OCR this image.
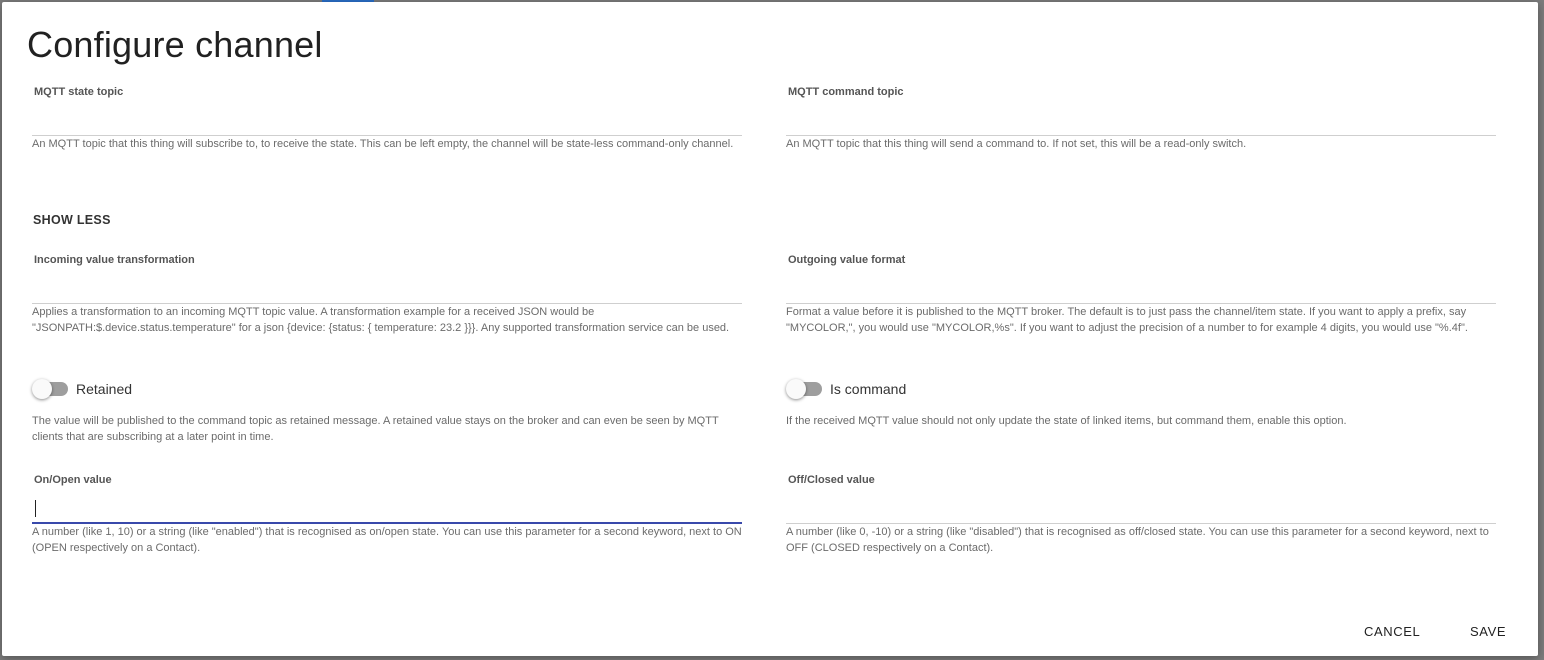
Configure channel
MQTT state topic
An MQTT topic that this thing will subscribe to, to receive the state. This can be left empty, the channel will be state-less command-only channel.
MQTT command topic
An MQTT topic that this thing will send a command to. If not set, this will be a read-only switch.
SHOW LESS
Incoming value transformation
Applies a transformation to an incoming MQTT topic value. A transformation example for a received JSON would be "JSONPATH:$.device.status.temperature" for a json {device: {status: { temperature: 23.2 }}}. Any supported transformation service can be used.
Outgoing value format
Format a value before it is published to the MQTT broker. The default is to just pass the channel/item state. If you want to apply a prefix, say "MYCOLOR,", you would use "MYCOLOR,%s". If you want to adjust the precision of a number to for example 4 digits, you would use "%.4f".
Retained
The value will be published to the command topic as retained message. A retained value stays on the broker and can even be seen by MQTT clients that are subscribing at a later point in time.
Is command
If the received MQTT value should not only update the state of linked items, but command them, enable this option.
On/Open value
A number (like 1, 10) or a string (like "enabled") that is recognised as on/open state. You can use this parameter for a second keyword, next to ON (OPEN respectively on a Contact).
Off/Closed value
A number (like 0, -10) or a string (like "disabled") that is recognised as off/closed state. You can use this parameter for a second keyword, next to OFF (CLOSED respectively on a Contact).
CANCEL	SAVE
